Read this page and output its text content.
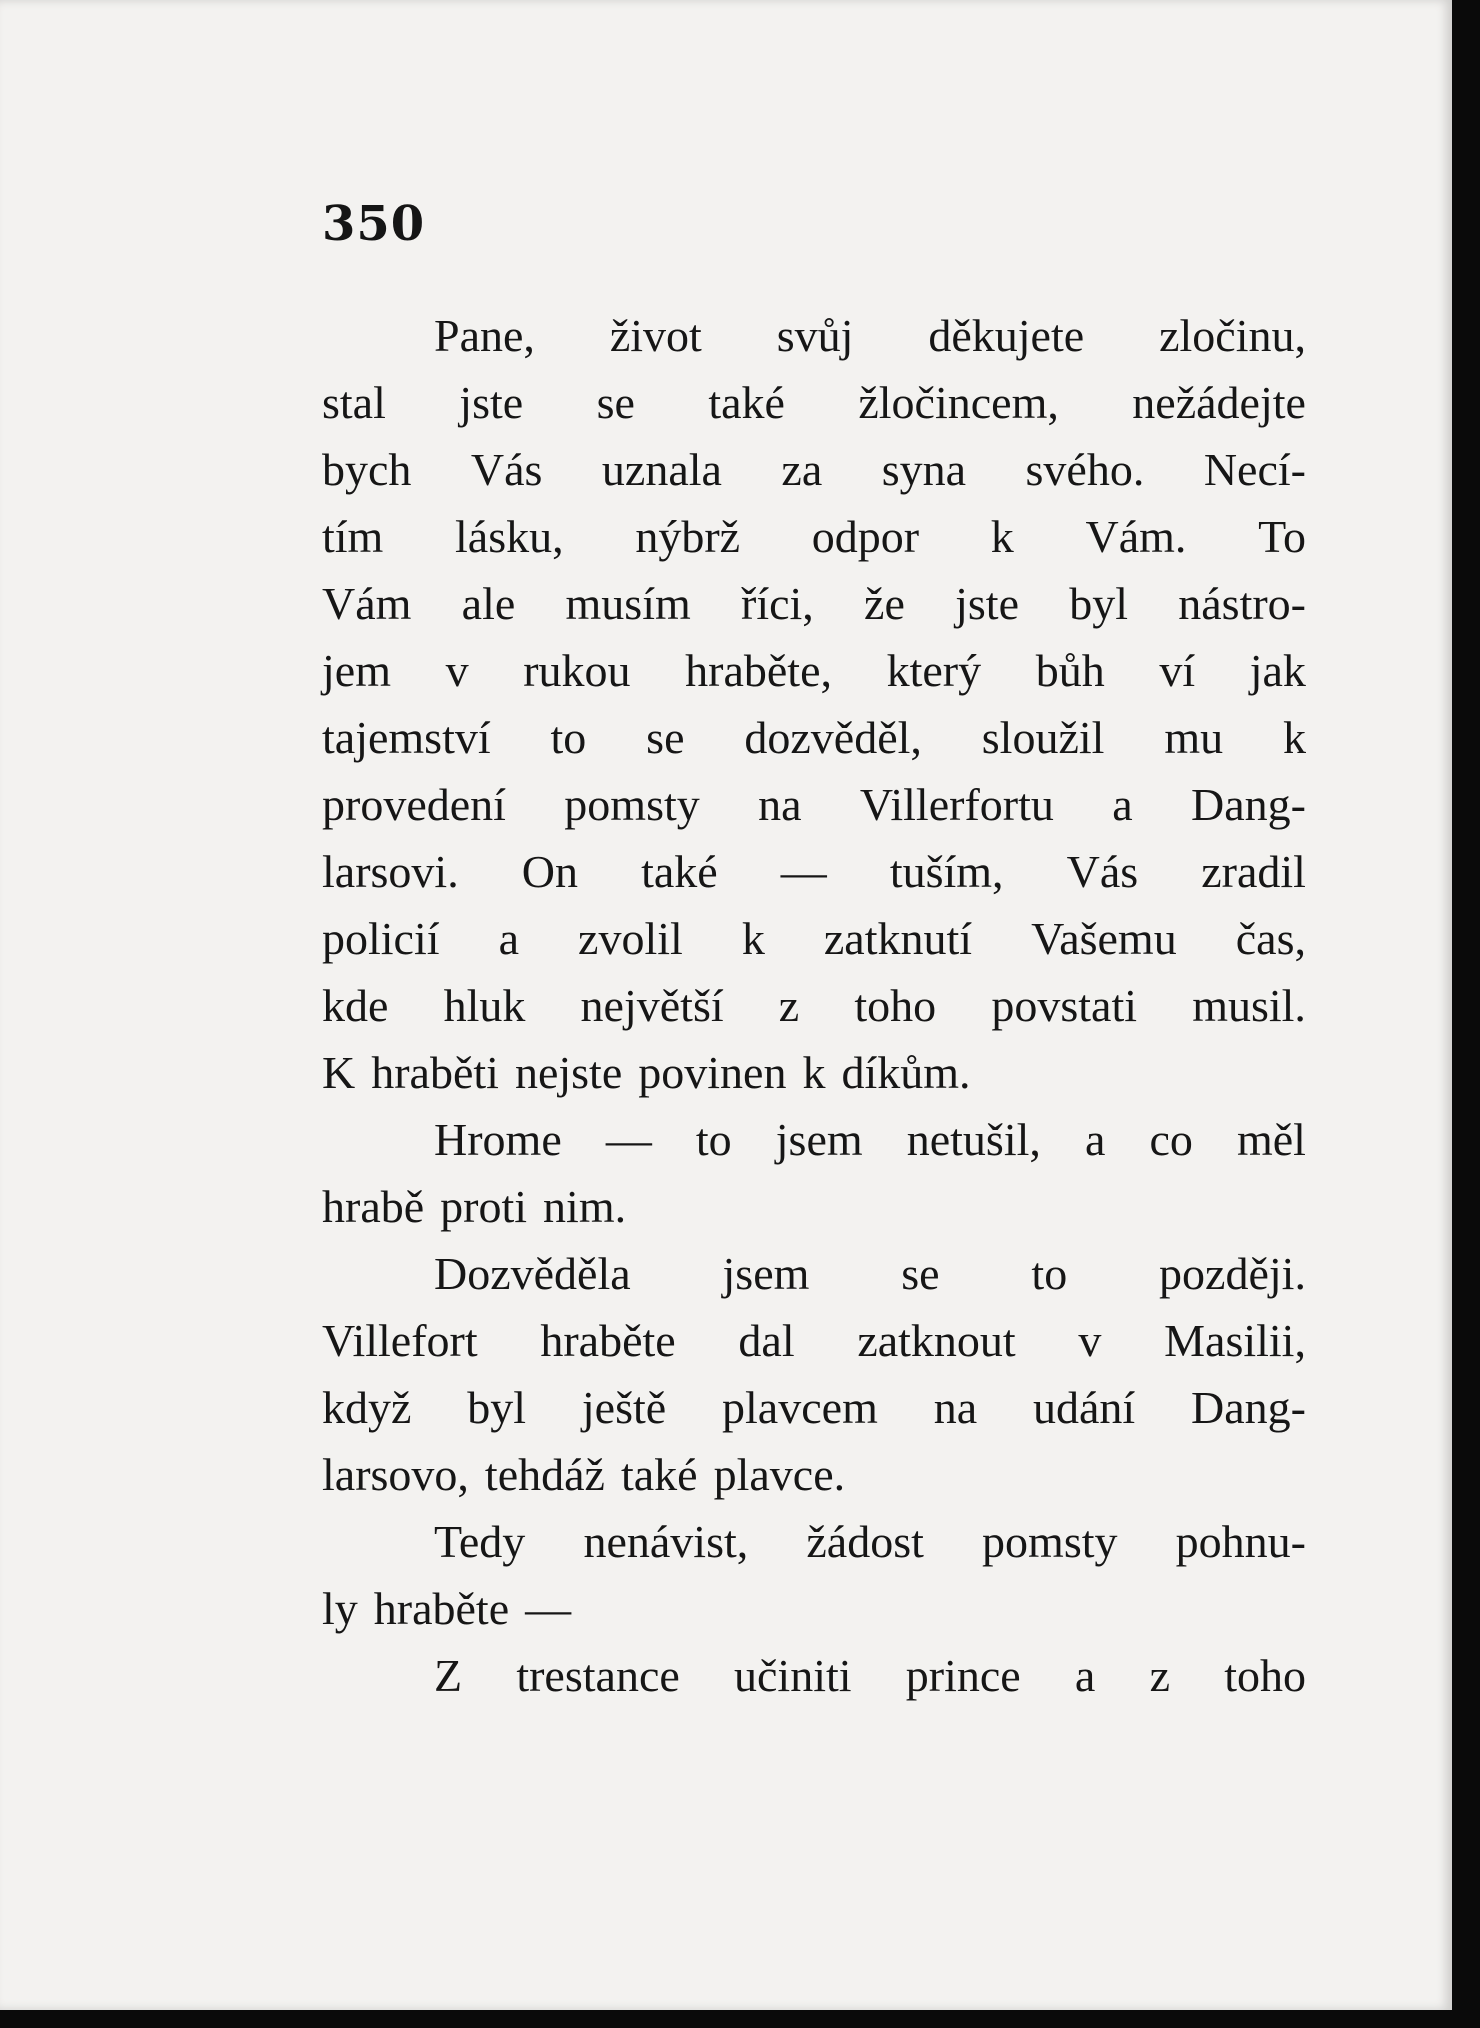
350
Pane, život svůj děkujete zločinu,
stal jste se také žločincem, nežádejte
bych Vás uznala za syna svého. Necí-
tím lásku, nýbrž odpor k Vám. To
Vám ale musím říci, že jste byl nástro-
jem v rukou hraběte, který bůh ví jak
tajemství to se dozvěděl, sloužil mu k
provedení pomsty na Villerfortu a Dang-
larsovi. On také — tuším, Vás zradil
policií a zvolil k zatknutí Vašemu čas,
kde hluk největší z toho povstati musil.
K hraběti nejste povinen k díkům.
Hrome — to jsem netušil, a co měl
hrabě proti nim.
Dozvěděla jsem se to později.
Villefort hraběte dal zatknout v Masilii,
když byl ještě plavcem na udání Dang-
larsovo, tehdáž také plavce.
Tedy nenávist, žádost pomsty pohnu-
ly hraběte —
Z trestance učiniti prince a z toho
